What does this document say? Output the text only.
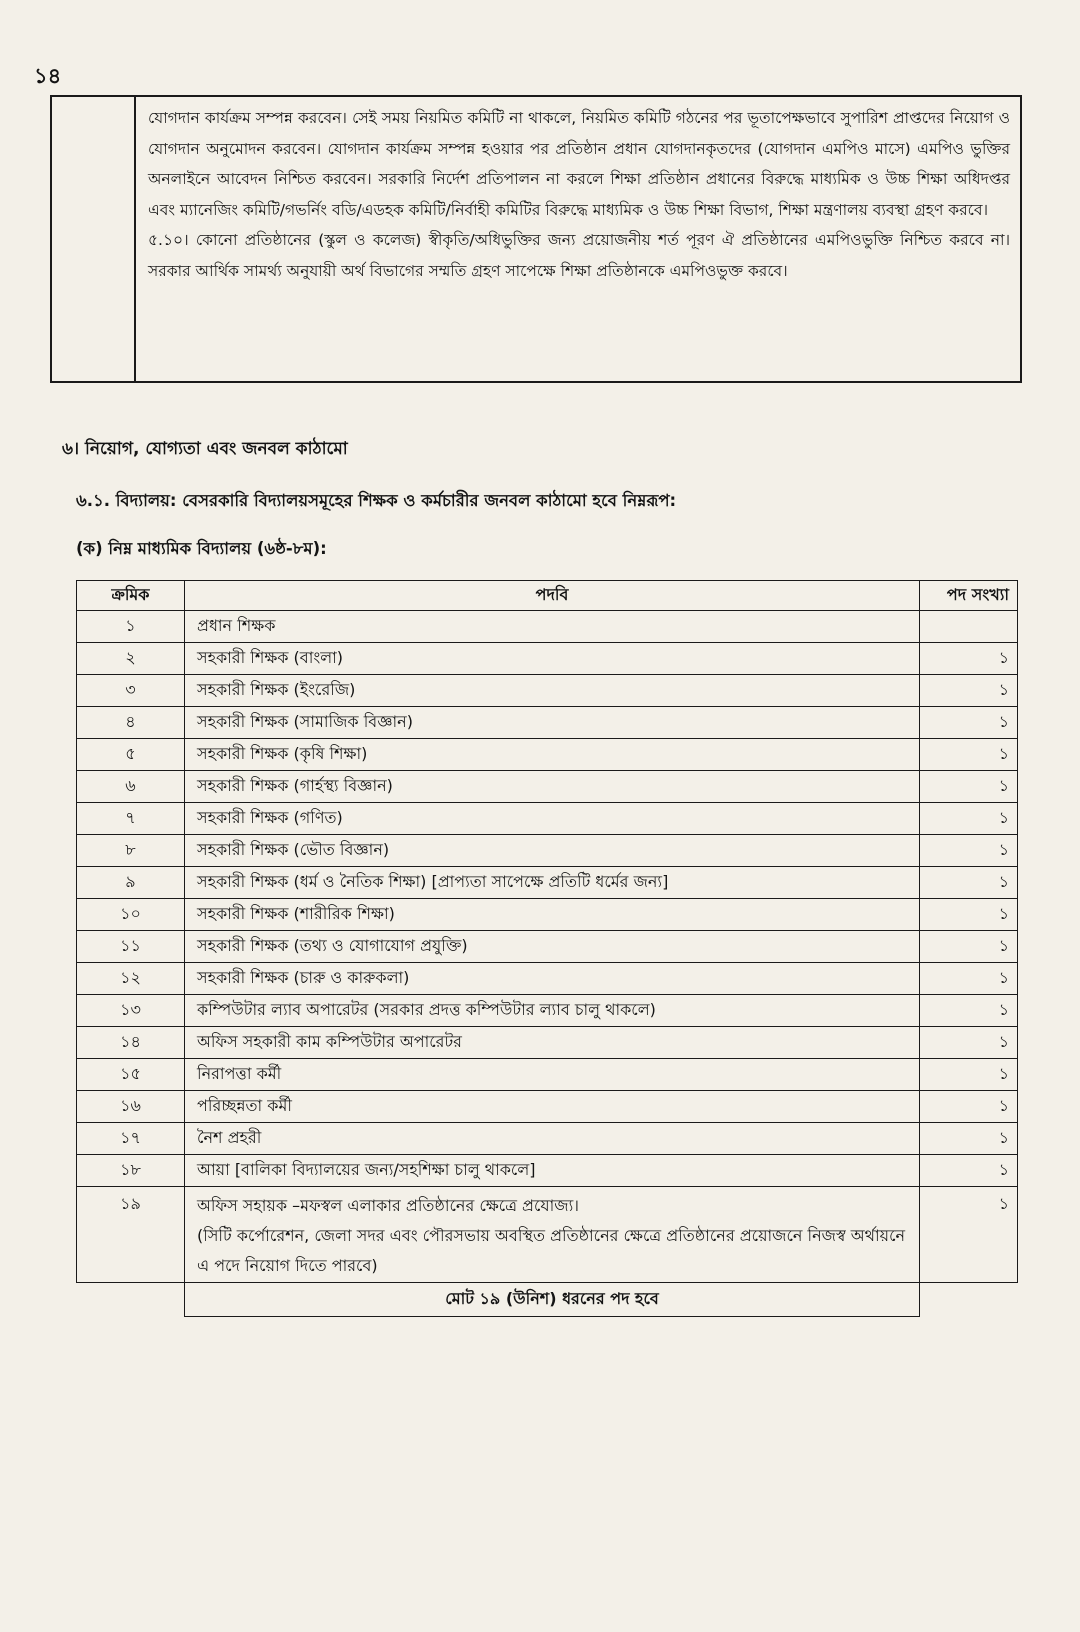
১৪

যোগদান কার্যক্রম সম্পন্ন করবেন। সেই সময় নিয়মিত কমিটি না থাকলে, নিয়মিত কমিটি গঠনের পর ভূতাপেক্ষভাবে সুপারিশ প্রাপ্তদের নিয়োগ ও যোগদান অনুমোদন করবেন। যোগদান কার্যক্রম সম্পন্ন হওয়ার পর প্রতিষ্ঠান প্রধান যোগদানকৃতদের (যোগদান এমপিও মাসে) এমপিও ভুক্তির অনলাইনে আবেদন নিশ্চিত করবেন। সরকারি নির্দেশ প্রতিপালন না করলে শিক্ষা প্রতিষ্ঠান প্রধানের বিরুদ্ধে মাধ্যমিক ও উচ্চ শিক্ষা অধিদপ্তর এবং ম্যানেজিং কমিটি/গভর্নিং বডি/এডহক কমিটি/নির্বাহী কমিটির বিরুদ্ধে মাধ্যমিক ও উচ্চ শিক্ষা বিভাগ, শিক্ষা মন্ত্রণালয় ব্যবস্থা গ্রহণ করবে।

৫.১০। কোনো প্রতিষ্ঠানের (স্কুল ও কলেজ) স্বীকৃতি/অধিভুক্তির জন্য প্রয়োজনীয় শর্ত পূরণ ঐ প্রতিষ্ঠানের এমপিওভুক্তি নিশ্চিত করবে না। সরকার আর্থিক সামর্থ্য অনুযায়ী অর্থ বিভাগের সম্মতি গ্রহণ সাপেক্ষে শিক্ষা প্রতিষ্ঠানকে এমপিওভুক্ত করবে।

৬। নিয়োগ, যোগ্যতা এবং জনবল কাঠামো
৬.১. বিদ্যালয়: বেসরকারি বিদ্যালয়সমূহের শিক্ষক ও কর্মচারীর জনবল কাঠামো হবে নিম্নরূপ:
(ক) নিম্ন মাধ্যমিক বিদ্যালয় (৬ষ্ঠ-৮ম):
ক্রমিক	পদবি	পদ সংখ্যা
১	প্রধান শিক্ষক	
২	সহকারী শিক্ষক (বাংলা)	১
৩	সহকারী শিক্ষক (ইংরেজি)	১
৪	সহকারী শিক্ষক (সামাজিক বিজ্ঞান)	১
৫	সহকারী শিক্ষক (কৃষি শিক্ষা)	১
৬	সহকারী শিক্ষক (গার্হস্থ্য বিজ্ঞান)	১
৭	সহকারী শিক্ষক (গণিত)	১
৮	সহকারী শিক্ষক (ভৌত বিজ্ঞান)	১
৯	সহকারী শিক্ষক (ধর্ম ও নৈতিক শিক্ষা) [প্রাপ্যতা সাপেক্ষে প্রতিটি ধর্মের জন্য]	১
১০	সহকারী শিক্ষক (শারীরিক শিক্ষা)	১
১১	সহকারী শিক্ষক (তথ্য ও যোগাযোগ প্রযুক্তি)	১
১২	সহকারী শিক্ষক (চারু ও কারুকলা)	১
১৩	কম্পিউটার ল্যাব অপারেটর (সরকার প্রদত্ত কম্পিউটার ল্যাব চালু থাকলে)	১
১৪	অফিস সহকারী কাম কম্পিউটার অপারেটর	১
১৫	নিরাপত্তা কর্মী	১
১৬	পরিচ্ছন্নতা কর্মী	১
১৭	নৈশ প্রহরী	১
১৮	আয়া [বালিকা বিদ্যালয়ের জন্য/সহশিক্ষা চালু থাকলে]	১
১৯	অফিস সহায়ক –মফস্বল এলাকার প্রতিষ্ঠানের ক্ষেত্রে প্রযোজ্য।
(সিটি কর্পোরেশন, জেলা সদর এবং পৌরসভায় অবস্থিত প্রতিষ্ঠানের ক্ষেত্রে প্রতিষ্ঠানের প্রয়োজনে নিজস্ব অর্থায়নে এ পদে নিয়োগ দিতে পারবে)	১
	মোট ১৯ (উনিশ) ধরনের পদ হবে	
